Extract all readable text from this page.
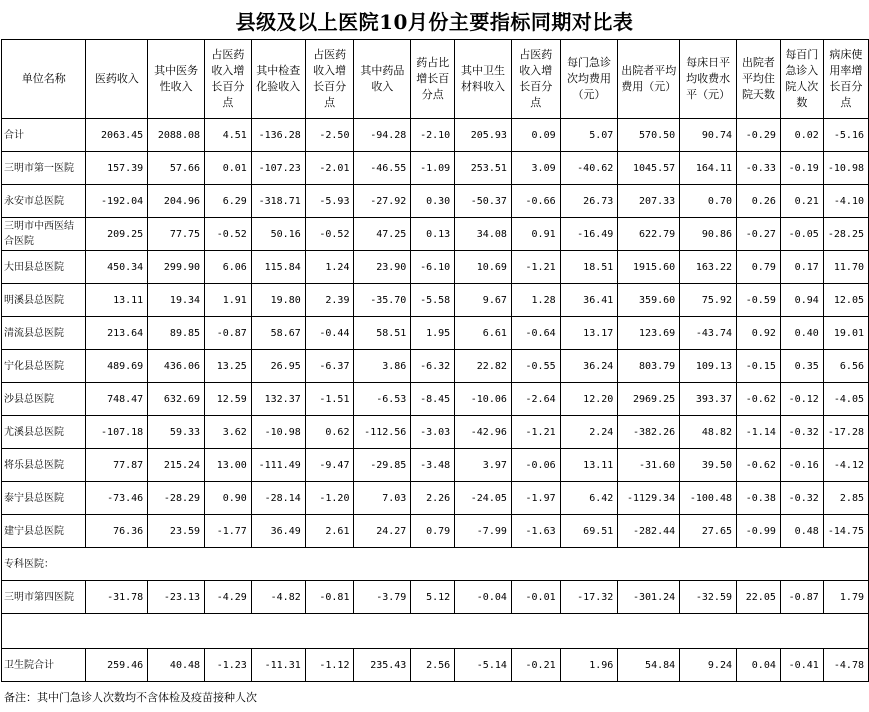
县级及以上医院10月份主要指标同期对比表
单位名称	医药收入	其中医务性收入	占医药收入增长百分点	其中检查化验收入	占医药收入增长百分点	其中药品收入	药占比增长百分点	其中卫生材料收入	占医药收入增长百分点	每门急诊次均费用（元）	出院者平均费用（元）	每床日平均收费水平（元）	出院者平均住院天数	每百门急诊入院人次数	病床使用率增长百分点
合计	2063.45	2088.08	4.51	-136.28	-2.50	-94.28	-2.10	205.93	0.09	5.07	570.50	90.74	-0.29	0.02	-5.16
三明市第一医院	157.39	57.66	0.01	-107.23	-2.01	-46.55	-1.09	253.51	3.09	-40.62	1045.57	164.11	-0.33	-0.19	-10.98
永安市总医院	-192.04	204.96	6.29	-318.71	-5.93	-27.92	0.30	-50.37	-0.66	26.73	207.33	0.70	0.26	0.21	-4.10
三明市中西医结合医院	209.25	77.75	-0.52	50.16	-0.52	47.25	0.13	34.08	0.91	-16.49	622.79	90.86	-0.27	-0.05	-28.25
大田县总医院	450.34	299.90	6.06	115.84	1.24	23.90	-6.10	10.69	-1.21	18.51	1915.60	163.22	0.79	0.17	11.70
明溪县总医院	13.11	19.34	1.91	19.80	2.39	-35.70	-5.58	9.67	1.28	36.41	359.60	75.92	-0.59	0.94	12.05
清流县总医院	213.64	89.85	-0.87	58.67	-0.44	58.51	1.95	6.61	-0.64	13.17	123.69	-43.74	0.92	0.40	19.01
宁化县总医院	489.69	436.06	13.25	26.95	-6.37	3.86	-6.32	22.82	-0.55	36.24	803.79	109.13	-0.15	0.35	6.56
沙县总医院	748.47	632.69	12.59	132.37	-1.51	-6.53	-8.45	-10.06	-2.64	12.20	2969.25	393.37	-0.62	-0.12	-4.05
尤溪县总医院	-107.18	59.33	3.62	-10.98	0.62	-112.56	-3.03	-42.96	-1.21	2.24	-382.26	48.82	-1.14	-0.32	-17.28
将乐县总医院	77.87	215.24	13.00	-111.49	-9.47	-29.85	-3.48	3.97	-0.06	13.11	-31.60	39.50	-0.62	-0.16	-4.12
泰宁县总医院	-73.46	-28.29	0.90	-28.14	-1.20	7.03	2.26	-24.05	-1.97	6.42	-1129.34	-100.48	-0.38	-0.32	2.85
建宁县总医院	76.36	23.59	-1.77	36.49	2.61	24.27	0.79	-7.99	-1.63	69.51	-282.44	27.65	-0.99	0.48	-14.75
专科医院：															
三明市第四医院	-31.78	-23.13	-4.29	-4.82	-0.81	-3.79	5.12	-0.04	-0.01	-17.32	-301.24	-32.59	22.05	-0.87	1.79

卫生院合计	259.46	40.48	-1.23	-11.31	-1.12	235.43	2.56	-5.14	-0.21	1.96	54.84	9.24	0.04	-0.41	-4.78
备注：其中门急诊人次数均不含体检及疫苗接种人次
